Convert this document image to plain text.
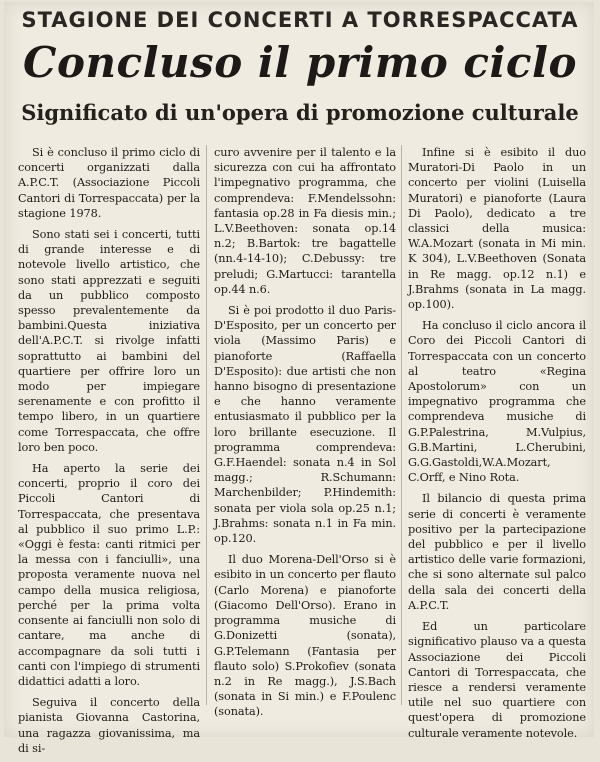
STAGIONE DEI CONCERTI A TORRESPACCATA
Concluso il primo ciclo
Significato di un'opera di promozione culturale

Si è concluso il primo ciclo di concerti organizzati dalla A.P.C.T. (Associazione Piccoli Cantori di Torrespaccata) per la stagione 1978.

Sono stati sei i concerti, tutti di grande interesse e di notevole livello artistico, che sono stati apprezzati e seguiti da un pubblico composto spesso prevalentemente da bambini.Questa iniziativa dell'A.P.C.T. si rivolge infatti soprattutto ai bambini del quartiere per offrire loro un modo per impiegare serenamente e con profitto il tempo libero, in un quartiere come Torrespaccata, che offre loro ben poco.

Ha aperto la serie dei concerti, proprio il coro dei Piccoli Cantori di Torrespaccata, che presentava al pubblico il suo primo L.P.: «Oggi è festa: canti ritmici per la messa con i fanciulli», una proposta veramente nuova nel campo della musica religiosa, perché per la prima volta consente ai fanciulli non solo di cantare, ma anche di accompagnare da soli tutti i canti con l'impiego di strumenti didattici adatti a loro.

Seguiva il concerto della pianista Giovanna Castorina, una ragazza giovanissima, ma di si-

curo avvenire per il talento e la sicurezza con cui ha affrontato l'impegnativo programma, che comprendeva: F.Mendelssohn: fantasia op.28 in Fa diesis min.; L.V.Beethoven: sonata op.14 n.2; B.Bartok: tre bagattelle (nn.4-14-10); C.Debussy: tre preludi; G.Martucci: tarantella op.44 n.6.

Si è poi prodotto il duo Paris-D'Esposito, per un concerto per viola (Massimo Paris) e pianoforte (Raffaella D'Esposito): due artisti che non hanno bisogno di presentazione e che hanno veramente entusiasmato il pubblico per la loro brillante esecuzione. Il programma comprendeva: G.F.Haendel: sonata n.4 in Sol magg.; R.Schumann: Marchenbilder; P.Hindemith: sonata per viola sola op.25 n.1; J.Brahms: sonata n.1 in Fa min. op.120.

Il duo Morena-Dell'Orso si è esibito in un concerto per flauto (Carlo Morena) e pianoforte (Giacomo Dell'Orso). Erano in programma musiche di G.Donizetti (sonata), G.P.Telemann (Fantasia per flauto solo) S.Prokofiev (sonata n.2 in Re magg.), J.S.Bach (sonata in Si min.) e F.Poulenc (sonata).

Infine si è esibito il duo Muratori-Di Paolo in un concerto per violini (Luisella Muratori) e pianoforte (Laura Di Paolo), dedicato a tre classici della musica: W.A.Mozart (sonata in Mi min. K 304), L.V.Beethoven (Sonata in Re magg. op.12 n.1) e J.Brahms (sonata in La magg. op.100).

Ha concluso il ciclo ancora il Coro dei Piccoli Cantori di Torrespaccata con un concerto al teatro «Regina Apostolorum» con un impegnativo programma che comprendeva musiche di G.P.Palestrina, M.Vulpius, G.B.Martini, L.Cherubini, G.G.Gastoldi,W.A.Mozart, C.Orff, e Nino Rota.

Il bilancio di questa prima serie di concerti è veramente positivo per la partecipazione del pubblico e per il livello artistico delle varie formazioni, che si sono alternate sul palco della sala dei concerti della A.P.C.T.

Ed un particolare significativo plauso va a questa Associazione dei Piccoli Cantori di Torrespaccata, che riesce a rendersi veramente utile nel suo quartiere con quest'opera di promozione culturale veramente notevole.
